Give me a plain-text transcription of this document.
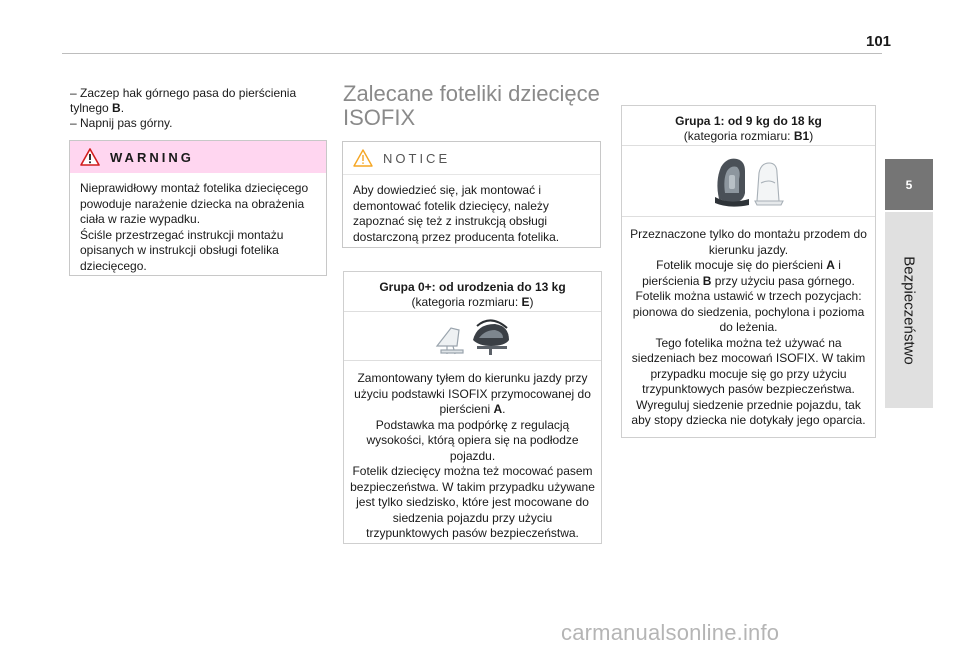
101
5
Bezpieczeństwo

– Zaczep hak górnego pasa do pierścienia tylnego B.

– Napnij pas górny.

WARNING

Nieprawidłowy montaż fotelika dziecięcego powoduje narażenie dziecka na obrażenia ciała w razie wypadku.

Ściśle przestrzegać instrukcji montażu opisanych w instrukcji obsługi fotelika dziecięcego.

Zalecane foteliki dziecięce ISOFIX
NOTICE

Aby dowiedzieć się, jak montować i demontować fotelik dziecięcy, należy zapoznać się też z instrukcją obsługi dostarczoną przez producenta fotelika.

Grupa 0+: od urodzenia do 13 kg
(kategoria rozmiaru: E)

Zamontowany tyłem do kierunku jazdy przy użyciu podstawki ISOFIX przymocowanej do pierścieni A.

Podstawka ma podpórkę z regulacją wysokości, którą opiera się na podłodze pojazdu.

Fotelik dziecięcy można też mocować pasem bezpieczeństwa. W takim przypadku używane jest tylko siedzisko, które jest mocowane do siedzenia pojazdu przy użyciu trzypunktowych pasów bezpieczeństwa.

Grupa 1: od 9 kg do 18 kg
(kategoria rozmiaru: B1)

Przeznaczone tylko do montażu przodem do kierunku jazdy.

Fotelik mocuje się do pierścieni A i pierścienia B przy użyciu pasa górnego.

Fotelik można ustawić w trzech pozycjach: pionowa do siedzenia, pochylona i pozioma do leżenia.

Tego fotelika można też używać na siedzeniach bez mocowań ISOFIX. W takim przypadku mocuje się go przy użyciu trzypunktowych pasów bezpieczeństwa.

Wyreguluj siedzenie przednie pojazdu, tak aby stopy dziecka nie dotykały jego oparcia.

carmanualsonline.info
